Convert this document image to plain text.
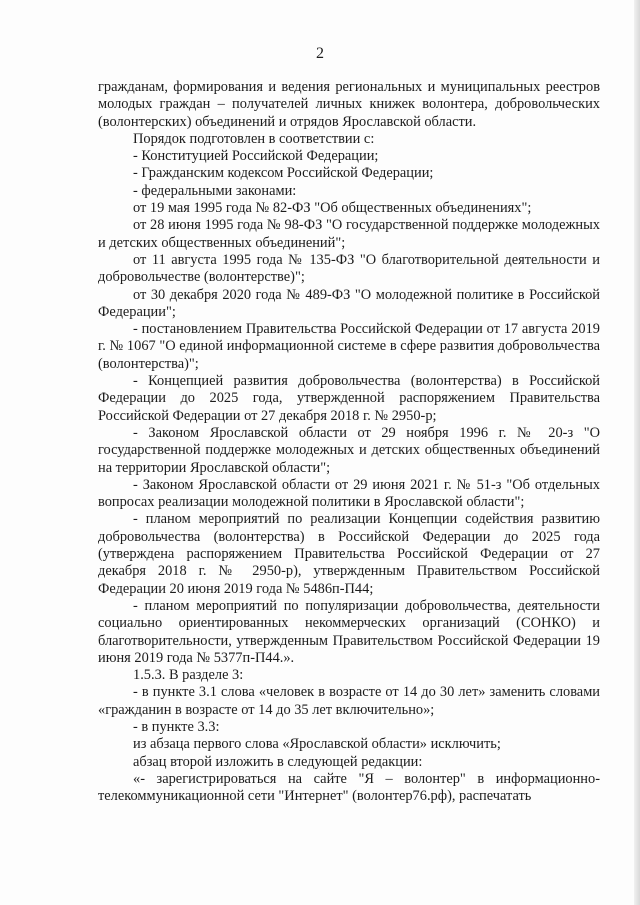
2

гражданам, формирования и ведения региональных и муниципальных реестров молодых граждан – получателей личных книжек волонтера, добровольческих (волонтерских) объединений и отрядов Ярославской области.

Порядок подготовлен в соответствии с:

- Конституцией Российской Федерации;

- Гражданским кодексом Российской Федерации;

- федеральными законами:

от 19 мая 1995 года № 82-ФЗ "Об общественных объединениях";

от 28 июня 1995 года № 98-ФЗ "О государственной поддержке молодежных и детских общественных объединений";

от 11 августа 1995 года № 135-ФЗ "О благотворительной деятельности и добровольчестве (волонтерстве)";

от 30 декабря 2020 года № 489-ФЗ "О молодежной политике в Российской Федерации";

- постановлением Правительства Российской Федерации от 17 августа 2019 г. № 1067 "О единой информационной системе в сфере развития добровольчества (волонтерства)";

- Концепцией развития добровольчества (волонтерства) в Российской Федерации до 2025 года, утвержденной распоряжением Правительства Российской Федерации от 27 декабря 2018 г. № 2950-р;

- Законом Ярославской области от 29 ноября 1996 г. № 20-з "О государственной поддержке молодежных и детских общественных объединений на территории Ярославской области";

- Законом Ярославской области от 29 июня 2021 г. № 51-з "Об отдельных вопросах реализации молодежной политики в Ярославской области";

- планом мероприятий по реализации Концепции содействия развитию добровольчества (волонтерства) в Российской Федерации до 2025 года (утверждена распоряжением Правительства Российской Федерации от 27 декабря 2018 г. № 2950-р), утвержденным Правительством Российской Федерации 20 июня 2019 года № 5486п-П44;

- планом мероприятий по популяризации добровольчества, деятельности социально ориентированных некоммерческих организаций (СОНКО) и благотворительности, утвержденным Правительством Российской Федерации 19 июня 2019 года № 5377п-П44.».

1.5.3. В разделе 3:

- в пункте 3.1 слова «человек в возрасте от 14 до 30 лет» заменить словами «гражданин в возрасте от 14 до 35 лет включительно»;

- в пункте 3.3:

из абзаца первого слова «Ярославской области» исключить;

абзац второй изложить в следующей редакции:

«- зарегистрироваться на сайте "Я – волонтер" в информационно-телекоммуникационной сети "Интернет" (волонтер76.рф), распечатать
